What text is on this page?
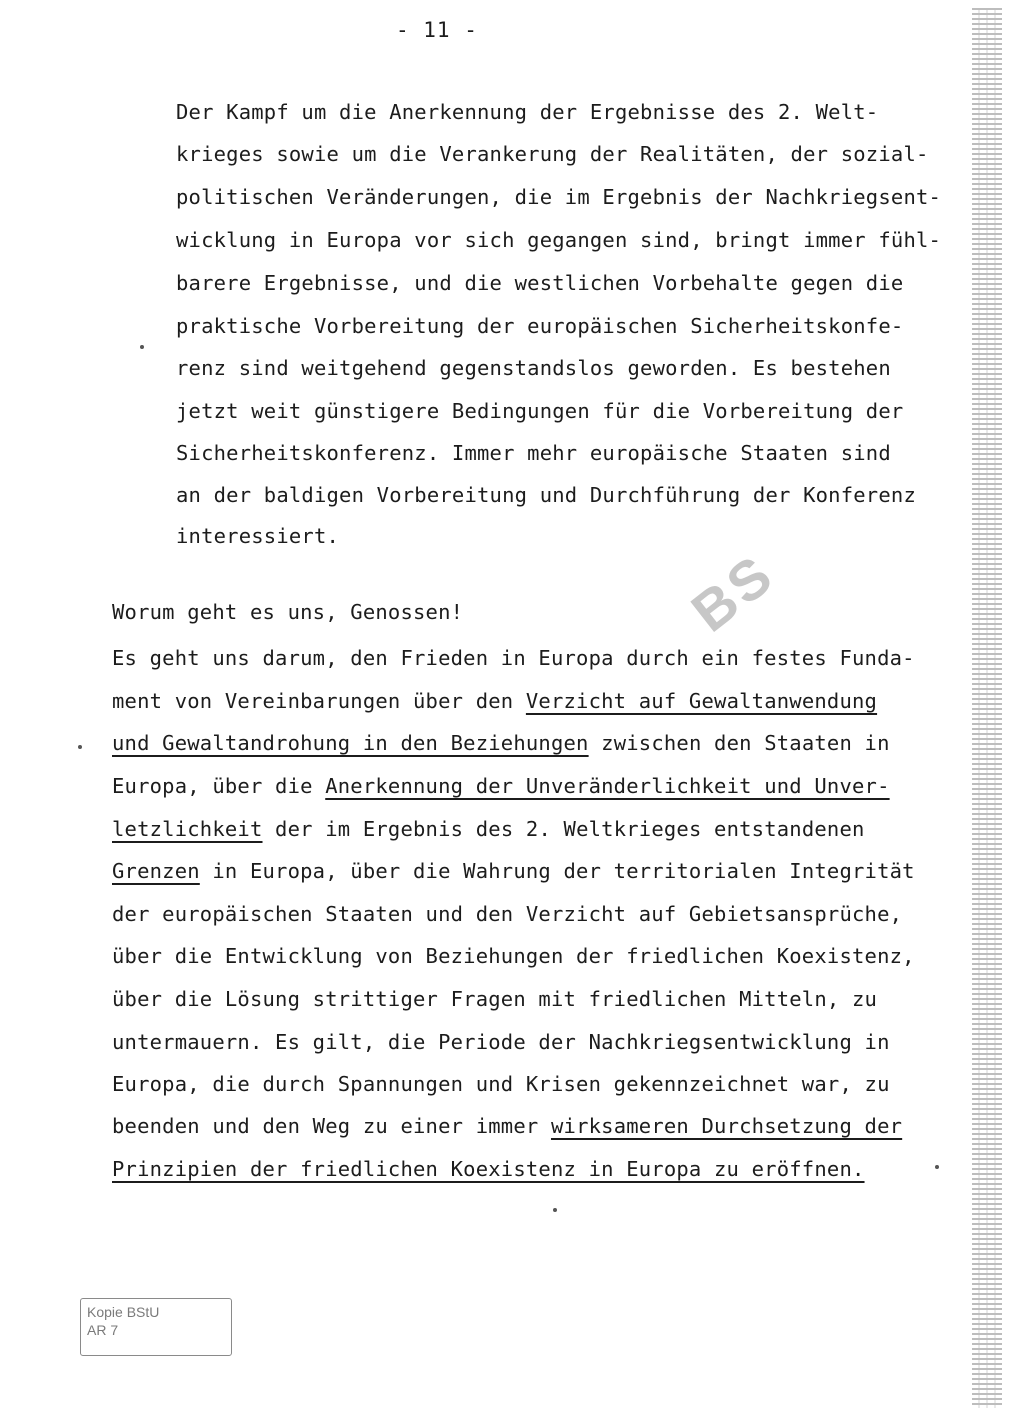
BS
- 11 -
Der Kampf um die Anerkennung der Ergebnisse des 2. Welt-
krieges sowie um die Verankerung der Realitäten, der sozial-
politischen Veränderungen, die im Ergebnis der Nachkriegsent-
wicklung in Europa vor sich gegangen sind, bringt immer fühl-
barere Ergebnisse, und die westlichen Vorbehalte gegen die
praktische Vorbereitung der europäischen Sicherheitskonfe-
renz sind weitgehend gegenstandslos geworden. Es bestehen
jetzt weit günstigere Bedingungen für die Vorbereitung der
Sicherheitskonferenz. Immer mehr europäische Staaten sind
an der baldigen Vorbereitung und Durchführung der Konferenz
interessiert.
Worum geht es uns, Genossen!
Es geht uns darum, den Frieden in Europa durch ein festes Funda-
ment von Vereinbarungen über den Verzicht auf Gewaltanwendung
und Gewaltandrohung in den Beziehungen zwischen den Staaten in
Europa, über die Anerkennung der Unveränderlichkeit und Unver-
letzlichkeit der im Ergebnis des 2. Weltkrieges entstandenen
Grenzen in Europa, über die Wahrung der territorialen Integrität
der europäischen Staaten und den Verzicht auf Gebietsansprüche,
über die Entwicklung von Beziehungen der friedlichen Koexistenz,
über die Lösung strittiger Fragen mit friedlichen Mitteln, zu
untermauern. Es gilt, die Periode der Nachkriegsentwicklung in
Europa, die durch Spannungen und Krisen gekennzeichnet war, zu
beenden und den Weg zu einer immer wirksameren Durchsetzung der
Prinzipien der friedlichen Koexistenz in Europa zu eröffnen.
Kopie BStU
AR 7
